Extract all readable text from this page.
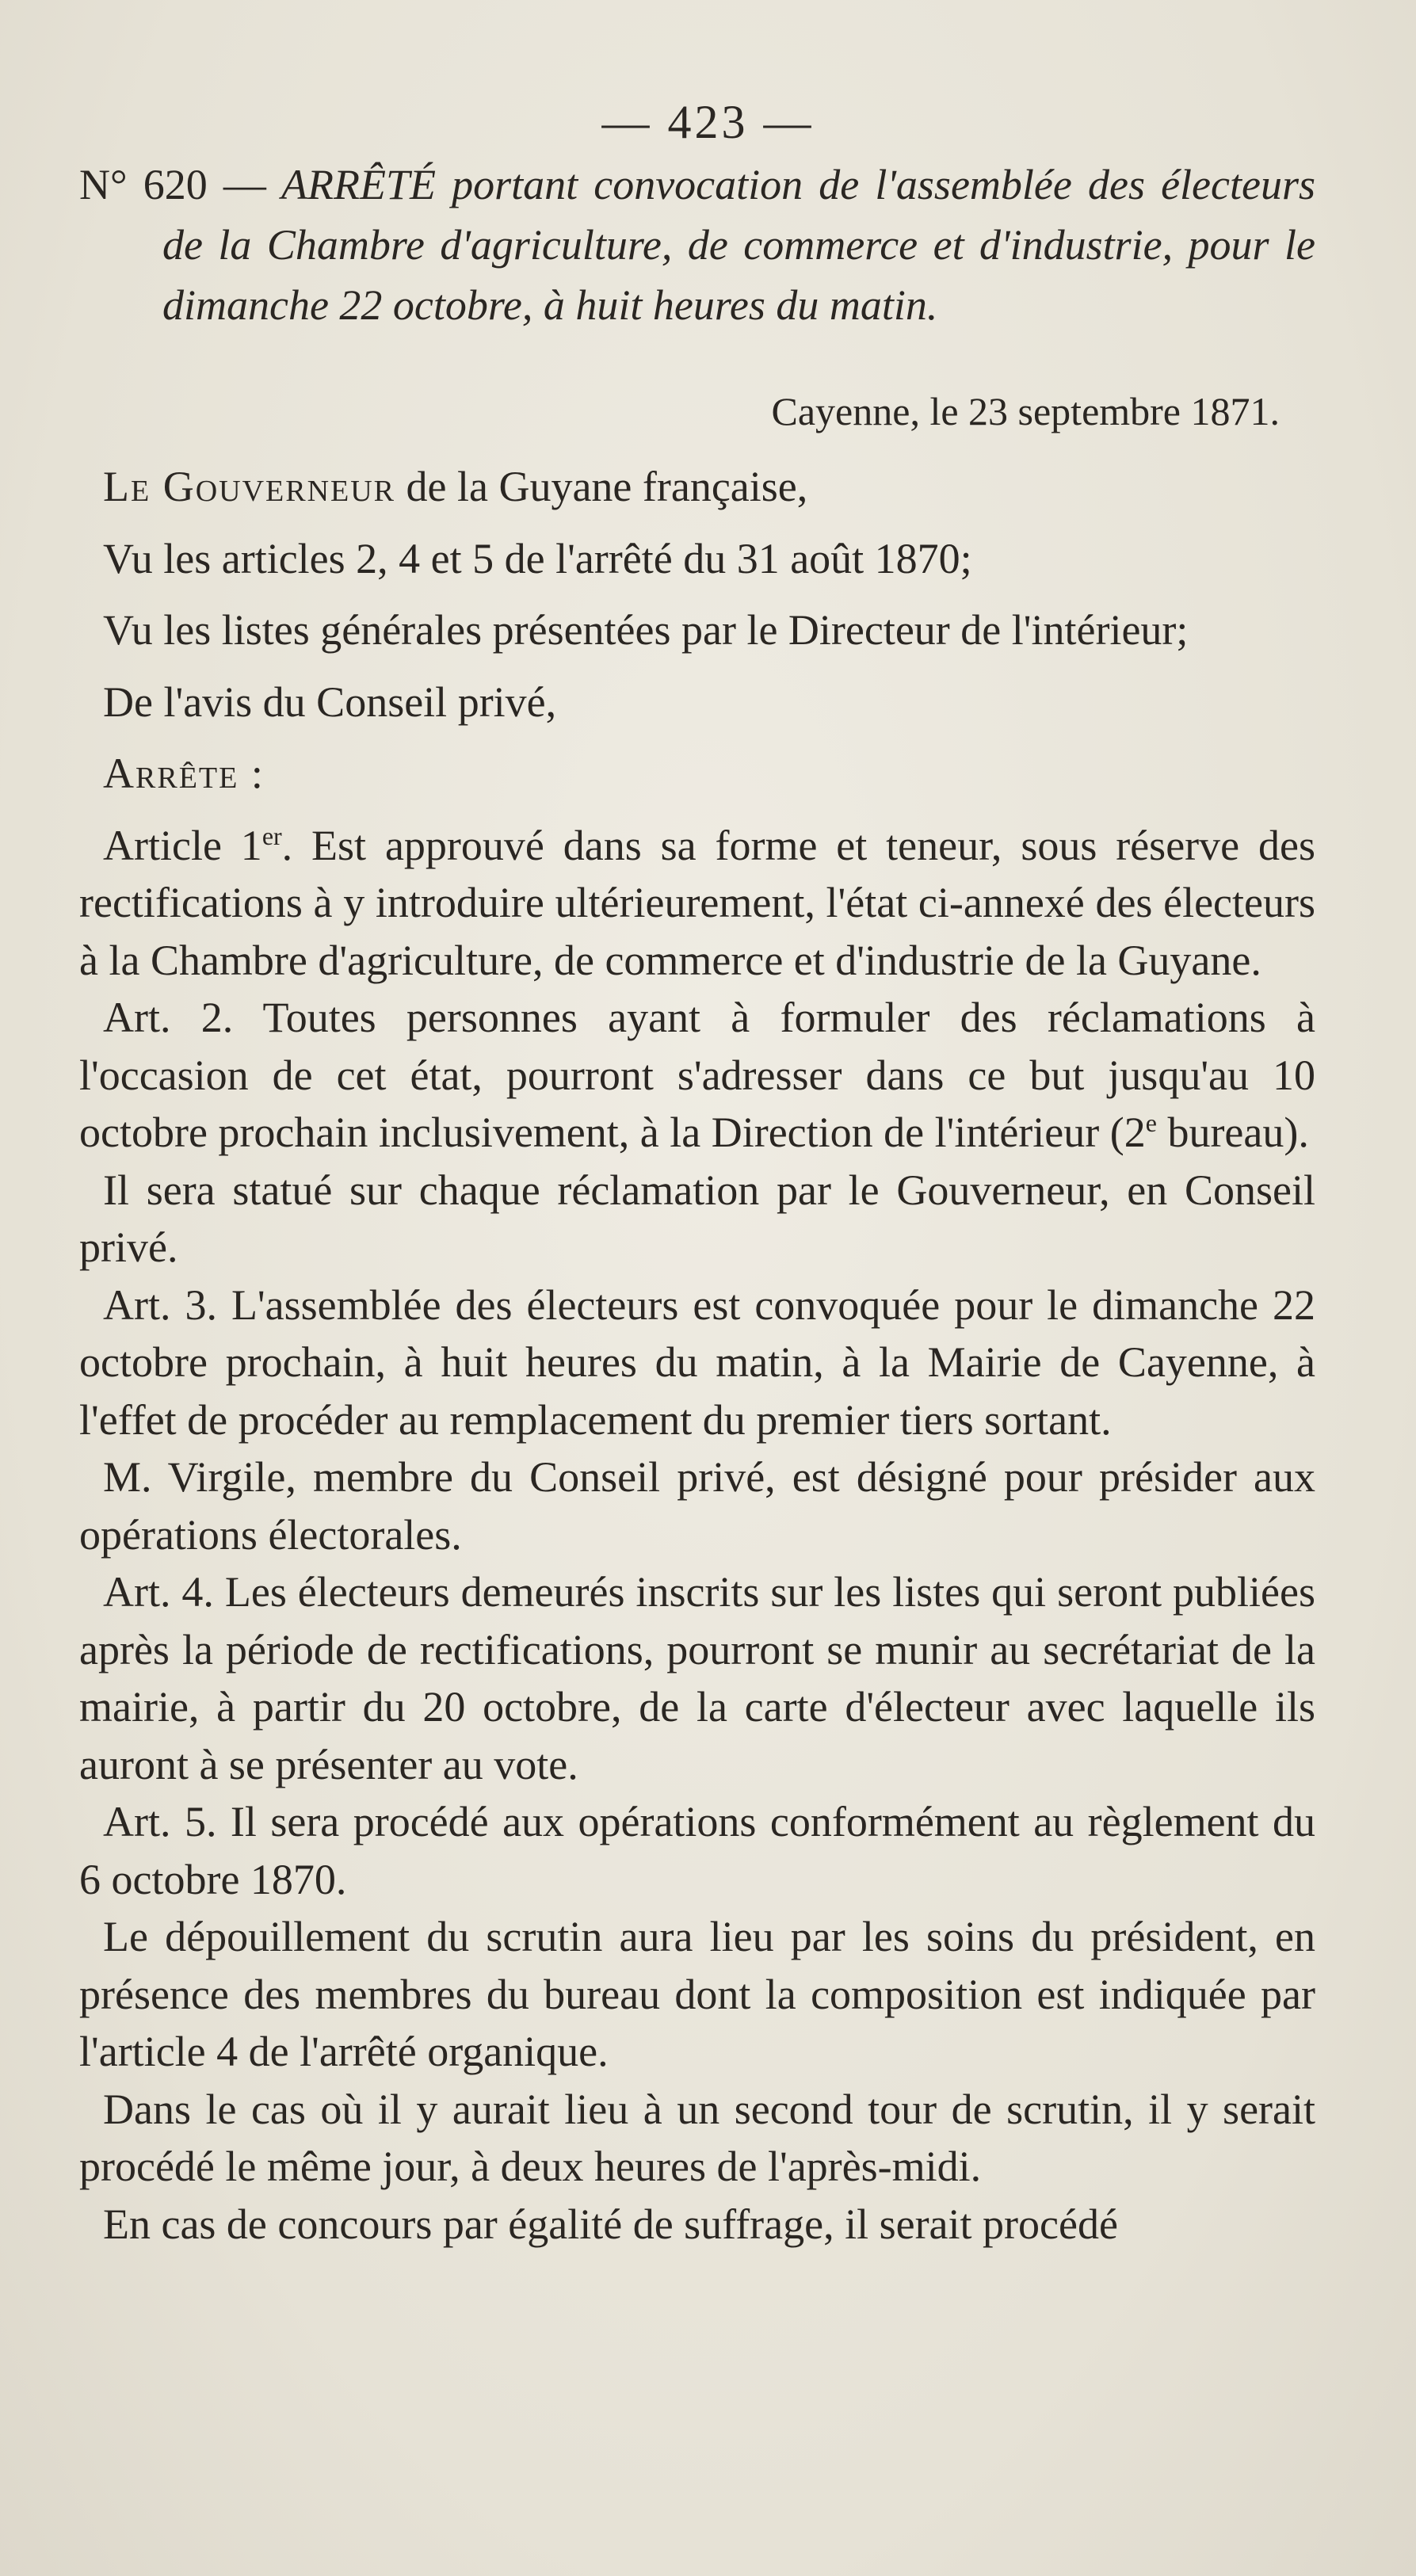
— 423 —
N° 620 — ARRÊTÉ portant convocation de l'assemblée des électeurs de la Chambre d'agriculture, de commerce et d'industrie, pour le dimanche 22 octobre, à huit heures du matin.
Cayenne, le 23 septembre 1871.

Le Gouverneur de la Guyane française,

Vu les articles 2, 4 et 5 de l'arrêté du 31 août 1870;

Vu les listes générales présentées par le Directeur de l'intérieur;

De l'avis du Conseil privé,

Arrête :

Article 1er. Est approuvé dans sa forme et teneur, sous réserve des rectifications à y introduire ultérieurement, l'état ci-annexé des électeurs à la Chambre d'agriculture, de commerce et d'industrie de la Guyane.

Art. 2. Toutes personnes ayant à formuler des réclamations à l'occasion de cet état, pourront s'adresser dans ce but jusqu'au 10 octobre prochain inclusivement, à la Direction de l'intérieur (2e bureau).

Il sera statué sur chaque réclamation par le Gouverneur, en Conseil privé.

Art. 3. L'assemblée des électeurs est convoquée pour le dimanche 22 octobre prochain, à huit heures du matin, à la Mairie de Cayenne, à l'effet de procéder au remplacement du premier tiers sortant.

M. Virgile, membre du Conseil privé, est désigné pour présider aux opérations électorales.

Art. 4. Les électeurs demeurés inscrits sur les listes qui seront publiées après la période de rectifications, pourront se munir au secrétariat de la mairie, à partir du 20 octobre, de la carte d'électeur avec laquelle ils auront à se présenter au vote.

Art. 5. Il sera procédé aux opérations conformément au règlement du 6 octobre 1870.

Le dépouillement du scrutin aura lieu par les soins du président, en présence des membres du bureau dont la composition est indiquée par l'article 4 de l'arrêté organique.

Dans le cas où il y aurait lieu à un second tour de scrutin, il y serait procédé le même jour, à deux heures de l'après-midi.

En cas de concours par égalité de suffrage, il serait procédé
